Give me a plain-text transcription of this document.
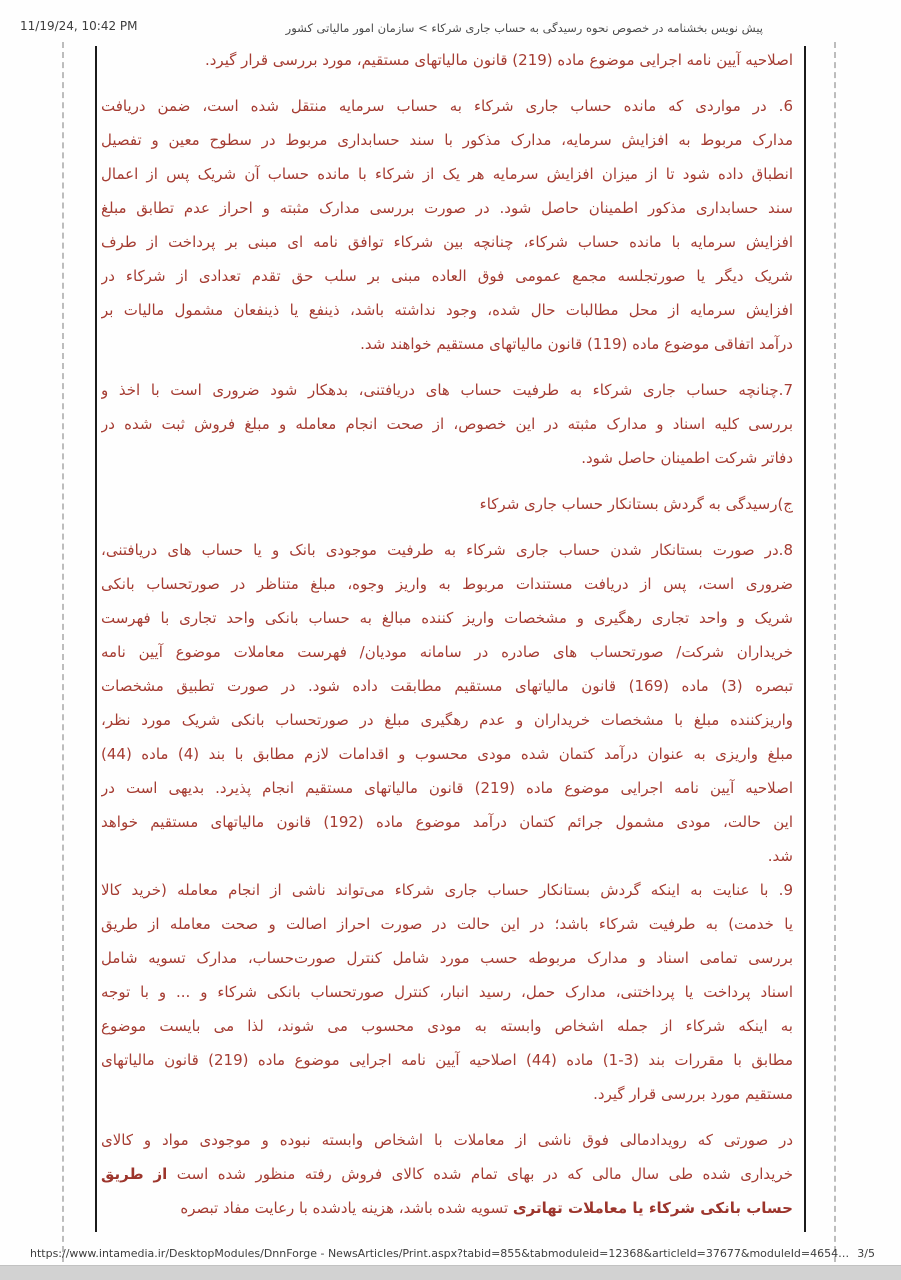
11/19/24, 10:42 PM	پیش نویس بخشنامه در خصوص نحوه رسیدگی به حساب جاری شرکاء > سازمان امور مالیاتی کشور
اصلاحیه آیین نامه اجرایی موضوع ماده (219) قانون مالیاتهای مستقیم، مورد بررسی قرار گیرد.
6. در مواردی که مانده حساب جاری شرکاء به حساب سرمایه منتقل شده است، ضمن دریافت
مدارک مربوط به افزایش سرمایه، مدارک مذکور با سند حسابداری مربوط در سطوح معین و تفصیل
انطباق داده شود تا از میزان افزایش سرمایه هر یک از شرکاء با مانده حساب آن شریک پس از اعمال
سند حسابداری مذکور اطمینان حاصل شود. در صورت بررسی مدارک مثبته و احراز عدم تطابق مبلغ
افزایش سرمایه با مانده حساب شرکاء، چنانچه بین شرکاء توافق نامه ای مبنی بر پرداخت از طرف
شریک دیگر یا صورتجلسه مجمع عمومی فوق العاده مبنی بر سلب حق تقدم تعدادی از شرکاء در
افزایش سرمایه از محل مطالبات حال شده، وجود نداشته باشد، ذینفع یا ذینفعان مشمول مالیات بر
درآمد اتفاقی موضوع ماده (119) قانون مالیاتهای مستقیم خواهند شد.
7.چنانچه حساب جاری شرکاء به طرفیت حساب های دریافتنی، بدهکار شود ضروری است با اخذ و
بررسی کلیه اسناد و مدارک مثبته در این خصوص، از صحت انجام معامله و مبلغ فروش ثبت شده در
دفاتر شرکت اطمینان حاصل شود.
ج)رسیدگی به گردش بستانکار حساب جاری شرکاء
8.در صورت بستانکار شدن حساب جاری شرکاء به طرفیت موجودی بانک و یا حساب های دریافتنی،
ضروری است، پس از دریافت مستندات مربوط به واریز وجوه، مبلغ متناظر در صورتحساب بانکی
شریک و واحد تجاری رهگیری و مشخصات واریز کننده مبالغ به حساب بانکی واحد تجاری با فهرست
خریداران شرکت/ صورتحساب های صادره در سامانه مودیان/ فهرست معاملات موضوع آیین نامه
تبصره (3) ماده (169) قانون مالیاتهای مستقیم مطابقت داده شود. در صورت تطبیق مشخصات
واریزکننده مبلغ با مشخصات خریداران و عدم رهگیری مبلغ در صورتحساب بانکی شریک مورد نظر،
مبلغ واریزی به عنوان درآمد کتمان شده مودی محسوب و اقدامات لازم مطابق با بند (4) ماده (44)
اصلاحیه آیین نامه اجرایی موضوع ماده (219) قانون مالیاتهای مستقیم انجام پذیرد. بدیهی است در
این حالت، مودی مشمول جرائم کتمان درآمد موضوع ماده (192) قانون مالیاتهای مستقیم خواهد
شد.
9. با عنایت به اینکه گردش بستانکار حساب جاری شرکاء می‌تواند ناشی از انجام معامله (خرید کالا
یا خدمت) به طرفیت شرکاء باشد؛ در این حالت در صورت احراز اصالت و صحت معامله از طریق
بررسی تمامی اسناد و مدارک مربوطه حسب مورد شامل کنترل صورت‌حساب، مدارک تسویه شامل
اسناد پرداخت یا پرداختنی، مدارک حمل، رسید انبار، کنترل صورتحساب بانکی شرکاء و ... و با توجه
به اینکه شرکاء از جمله اشخاص وابسته به مودی محسوب می شوند، لذا می بایست موضوع
مطابق با مقررات بند (3-1) ماده (44) اصلاحیه آیین نامه اجرایی موضوع ماده (219) قانون مالیاتهای
مستقیم مورد بررسی قرار گیرد.
در صورتی که رویدادمالی فوق ناشی از معاملات با اشخاص وابسته نبوده و موجودی مواد و کالای
خریداری شده طی سال مالی که در بهای تمام شده کالای فروش رفته منظور شده است از طریق
حساب بانکی شرکاء یا معاملات تهاتری تسویه شده باشد، هزینه یادشده با رعایت مفاد تبصره
https://www.intamedia.ir/DesktopModules/DnnForge - NewsArticles/Print.aspx?tabid=855&tabmoduleid=12368&articleId=37677&moduleId=4654… 3/5
